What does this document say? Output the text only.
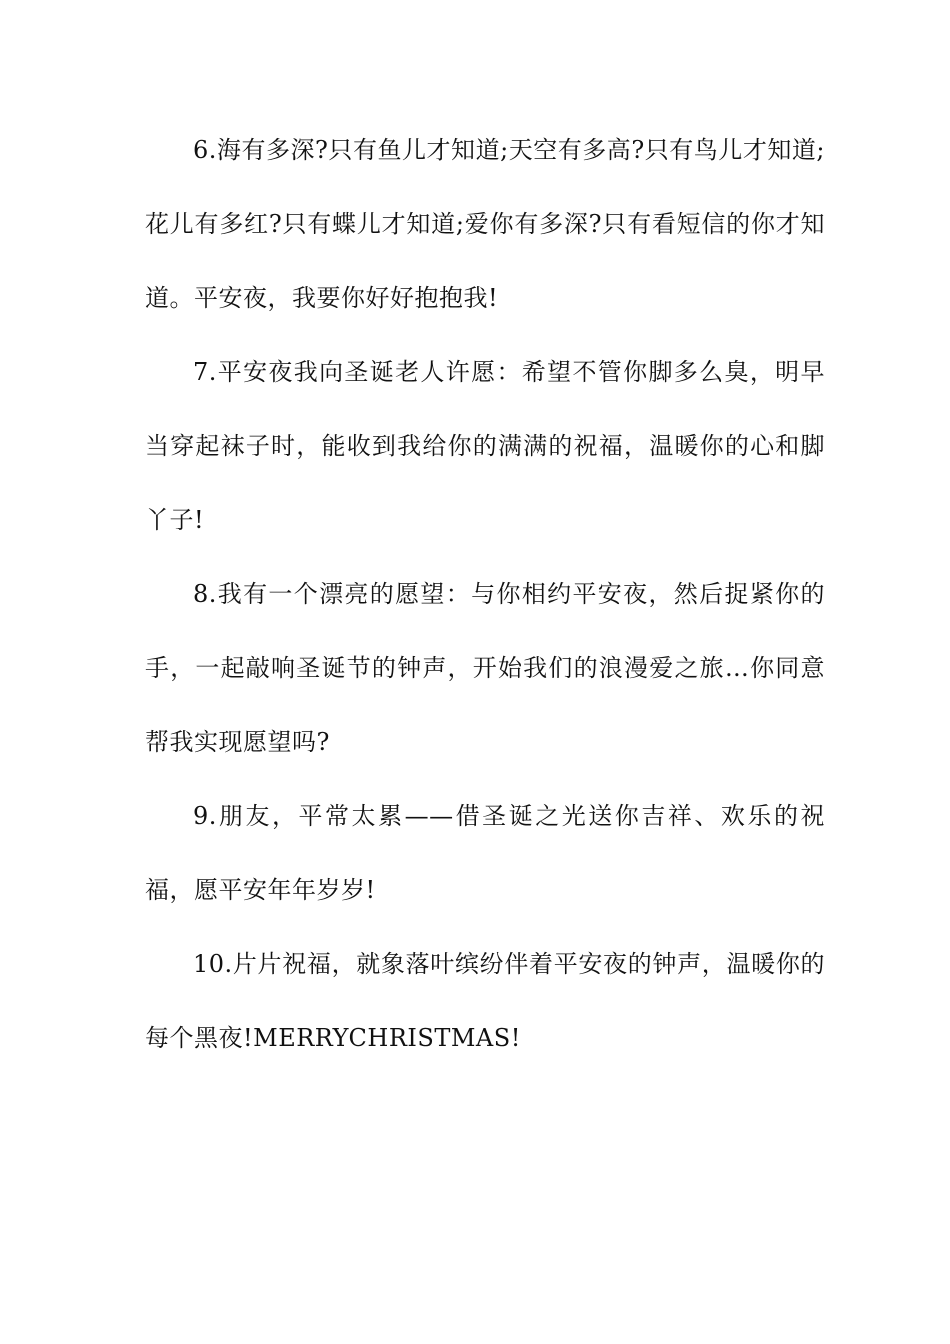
6.海有多深?只有鱼儿才知道;天空有多高?只有鸟儿才知道;花儿有多红?只有蝶儿才知道;爱你有多深?只有看短信的你才知道。平安夜，我要你好好抱抱我!

7.平安夜我向圣诞老人许愿：希望不管你脚多么臭，明早当穿起袜子时，能收到我给你的满满的祝福，温暖你的心和脚丫子!

8.我有一个漂亮的愿望：与你相约平安夜，然后捉紧你的手，一起敲响圣诞节的钟声，开始我们的浪漫爱之旅…你同意帮我实现愿望吗?

9.朋友，平常太累——借圣诞之光送你吉祥、欢乐的祝福，愿平安年年岁岁!

10.片片祝福，就象落叶缤纷伴着平安夜的钟声，温暖你的每个黑夜!MERRYCHRISTMAS!
